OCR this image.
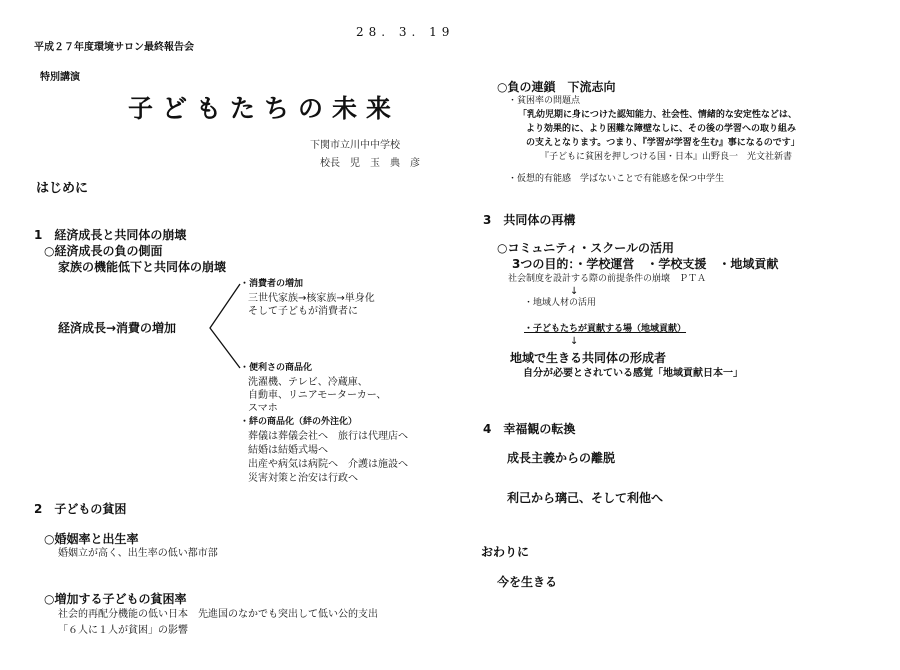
28. 3. 19
平成２７年度環境サロン最終報告会
特別講演
子どもたちの未来
下関市立川中中学校
校長　児　玉　典　彦
はじめに
1　経済成長と共同体の崩壊
○経済成長の負の側面
家族の機能低下と共同体の崩壊
経済成長→消費の増加
・消費者の増加
三世代家族→核家族→単身化
そして子どもが消費者に
・便利さの商品化
洗濯機、テレビ、冷蔵庫、
自動車、リニアモーターカー、
スマホ
・絆の商品化（絆の外注化）
葬儀は葬儀会社へ　旅行は代理店へ
結婚は結婚式場へ
出産や病気は病院へ　介護は施設へ
災害対策と治安は行政へ
2　子どもの貧困
○婚姻率と出生率
婚姻立が高く、出生率の低い都市部
○増加する子どもの貧困率
社会的再配分機能の低い日本　先進国のなかでも突出して低い公的支出
「６人に１人が貧困」の影響
○負の連鎖　下流志向
・貧困率の問題点
「乳幼児期に身につけた認知能力、社会性、情緒的な安定性などは、
より効果的に、より困難な障壁なしに、その後の学習への取り組み
の支えとなります。つまり、『学習が学習を生む』事になるのです」
『子どもに貧困を押しつける国・日本』山野良一　光文社新書
・仮想的有能感　学ばないことで有能感を保つ中学生
3　共同体の再構
○コミュニティ・スクールの活用
3つの目的：・学校運営　・学校支援　・地域貢献
社会制度を設計する際の前提条件の崩壊　ＰＴＡ
↓
・地域人材の活用
・子どもたちが貢献する場（地域貢献）
↓
地域で生きる共同体の形成者
自分が必要とされている感覚「地域貢献日本一」
4　幸福観の転換
成長主義からの離脱
利己から璃己、そして利他へ
おわりに
今を生きる
